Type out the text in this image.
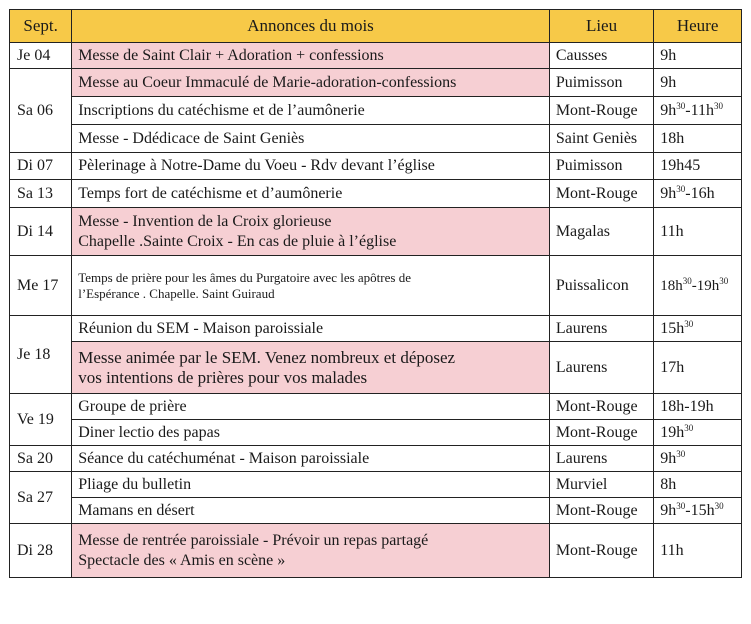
Sept.	Annonces du mois	Lieu	Heure
Je 04	Messe de Saint Clair + Adoration + confessions	Causses	9h
Sa 06	Messe au Coeur Immaculé de Marie-adoration-confessions	Puimisson	9h
	Inscriptions du catéchisme et de l’aumônerie	Mont-Rouge	$9h^{30}-11h^{30}$
	Messe - Ddédicace de Saint Geniès	Saint Geniès	18h
Di 07	Pèlerinage à Notre-Dame du Voeu - Rdv devant l’église	Puimisson	19h45
Sa 13	Temps fort de catéchisme et d’aumônerie	Mont-Rouge	$9h^{30}-16h$
Di 14	Messe - Invention de la Croix glorieuse
Chapelle .Sainte Croix - En cas de pluie à l’église	Magalas	11h
Me 17	Temps de prière pour les âmes du Purgatoire avec les apôtres de
l’Espérance . Chapelle. Saint Guiraud	Puissalicon	$18h^{30}-19h^{30}$
Je 18	Réunion du SEM - Maison paroissiale	Laurens	$15h^{30}$

	Messe animée par le SEM. Venez nombreux et déposez
vos intentions de prières pour vos malades	Laurens	17h
Ve 19	Groupe de prière	Mont-Rouge	18h-19h
	Diner lectio des papas	Mont-Rouge	$19h^{30}$
Sa 20	Séance du catéchuménat - Maison paroissiale	Laurens	$9h^{30}$
Sa 27	Pliage du bulletin	Murviel	8h
	Mamans en désert	Mont-Rouge	$9h^{30}-15h^{30}$
Di 28	Messe de rentrée paroissiale - Prévoir un repas partagé
Spectacle des « Amis en scène »	Mont-Rouge	11h
